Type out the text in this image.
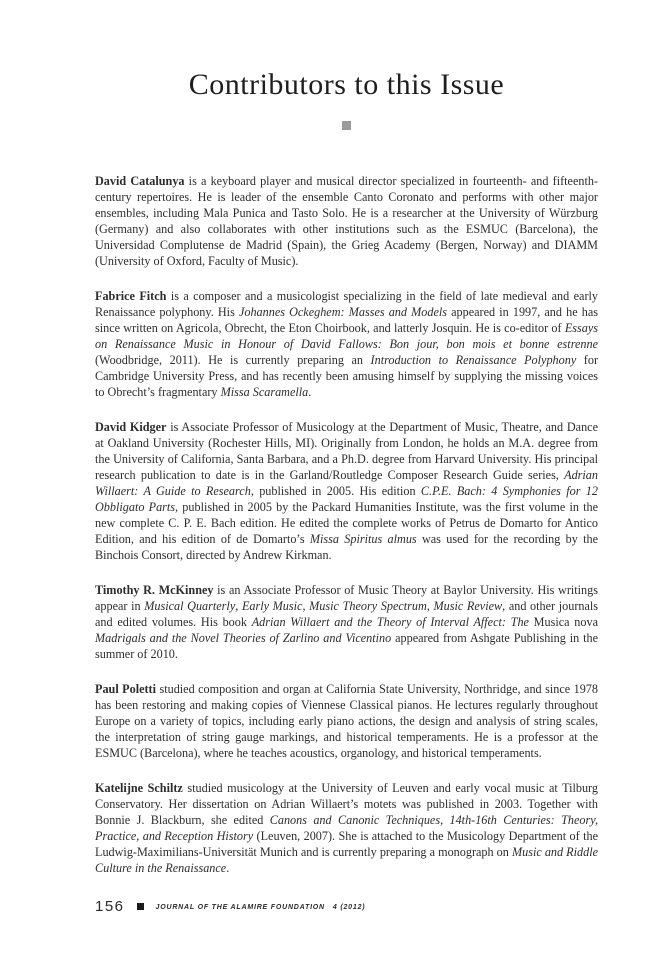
Contributors to this Issue

David Catalunya is a keyboard player and musical director specialized in fourteenth- and fifteenth-century repertoires. He is leader of the ensemble Canto Coronato and performs with other major ensembles, including Mala Punica and Tasto Solo. He is a researcher at the University of Würzburg (Germany) and also collaborates with other institutions such as the ESMUC (Barcelona), the Universidad Complutense de Madrid (Spain), the Grieg Academy (Bergen, Norway) and DIAMM (University of Oxford, Faculty of Music).

Fabrice Fitch is a composer and a musicologist specializing in the field of late medieval and early Renaissance polyphony. His Johannes Ockeghem: Masses and Models appeared in 1997, and he has since written on Agricola, Obrecht, the Eton Choirbook, and latterly Josquin. He is co-editor of Essays on Renaissance Music in Honour of David Fallows: Bon jour, bon mois et bonne estrenne (Woodbridge, 2011). He is currently preparing an Introduction to Renaissance Polyphony for Cambridge University Press, and has recently been amusing himself by supplying the missing voices to Obrecht’s fragmentary Missa Scaramella.

David Kidger is Associate Professor of Musicology at the Department of Music, Theatre, and Dance at Oakland University (Rochester Hills, MI). Originally from London, he holds an M.A. degree from the University of California, Santa Barbara, and a Ph.D. degree from Harvard University. His principal research publication to date is in the Garland/Routledge Composer Research Guide series, Adrian Willaert: A Guide to Research, published in 2005. His edition C.P.E. Bach: 4 Symphonies for 12 Obbligato Parts, published in 2005 by the Packard Humanities Institute, was the first volume in the new complete C. P. E. Bach edition. He edited the complete works of Petrus de Domarto for Antico Edition, and his edition of de Domarto’s Missa Spiritus almus was used for the recording by the Binchois Consort, directed by Andrew Kirkman.

Timothy R. McKinney is an Associate Professor of Music Theory at Baylor University. His writings appear in Musical Quarterly, Early Music, Music Theory Spectrum, Music Review, and other journals and edited volumes. His book Adrian Willaert and the Theory of Interval Affect: The Musica nova Madrigals and the Novel Theories of Zarlino and Vicentino appeared from Ashgate Publishing in the summer of 2010.

Paul Poletti studied composition and organ at California State University, Northridge, and since 1978 has been restoring and making copies of Viennese Classical pianos. He lectures regularly throughout Europe on a variety of topics, including early piano actions, the design and analysis of string scales, the interpretation of string gauge markings, and historical temperaments. He is a professor at the ESMUC (Barcelona), where he teaches acoustics, organology, and historical temperaments.

Katelijne Schiltz studied musicology at the University of Leuven and early vocal music at Tilburg Conservatory. Her dissertation on Adrian Willaert’s motets was published in 2003. Together with Bonnie J. Blackburn, she edited Canons and Canonic Techniques, 14th-16th Centuries: Theory, Practice, and Reception History (Leuven, 2007). She is attached to the Musicology Department of the Ludwig-Maximilians-Universität Munich and is currently preparing a monograph on Music and Riddle Culture in the Renaissance.

156	JOURNAL OF THE ALAMIRE FOUNDATION 4 (2012)
